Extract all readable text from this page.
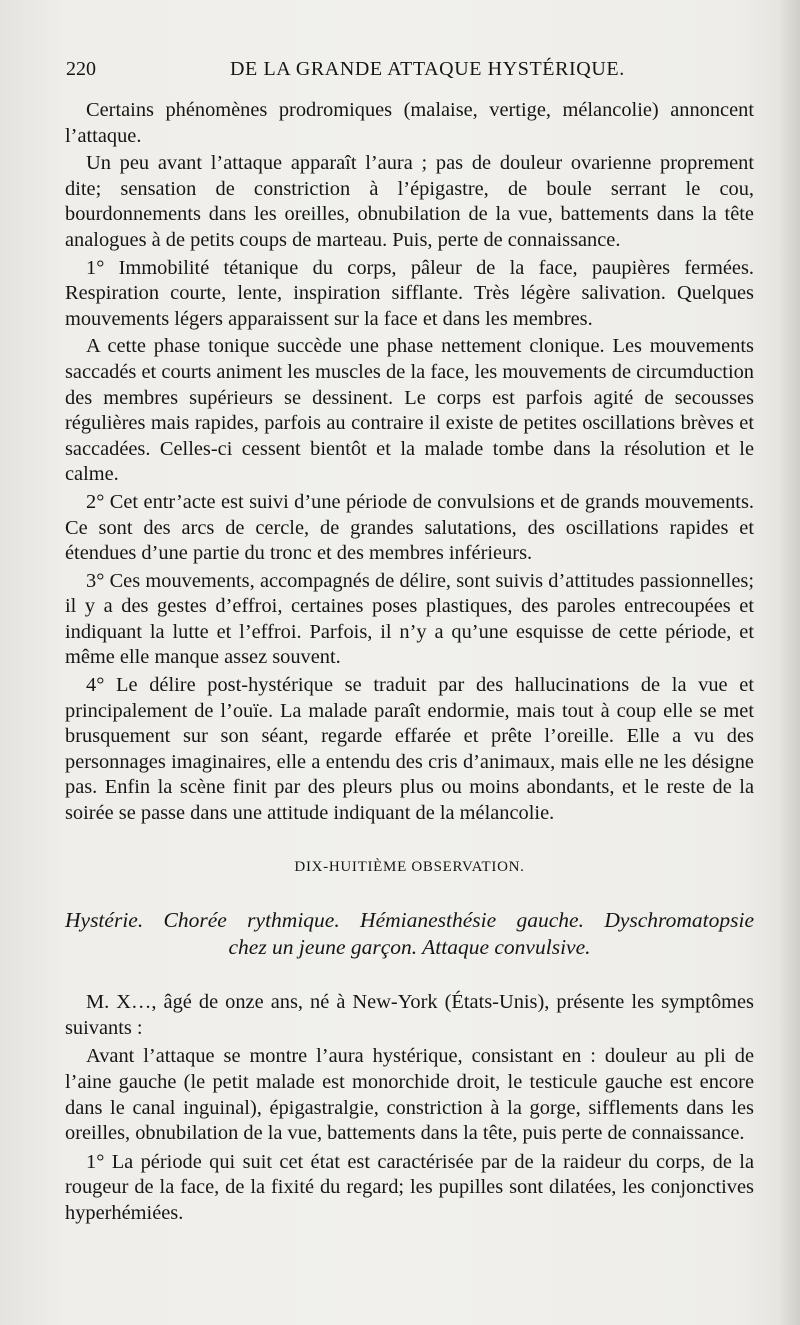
220	DE LA GRANDE ATTAQUE HYSTÉRIQUE.

Certains phénomènes prodromiques (malaise, vertige, mélancolie) annoncent l’attaque.

Un peu avant l’attaque apparaît l’aura ; pas de douleur ovarienne proprement dite; sensation de constriction à l’épigastre, de boule serrant le cou, bourdonnements dans les oreilles, obnubilation de la vue, battements dans la tête analogues à de petits coups de marteau. Puis, perte de connaissance.

1° Immobilité tétanique du corps, pâleur de la face, paupières fermées. Respiration courte, lente, inspiration sifflante. Très légère salivation. Quelques mouvements légers apparaissent sur la face et dans les membres.

A cette phase tonique succède une phase nettement clonique. Les mouvements saccadés et courts animent les muscles de la face, les mouvements de circumduction des membres supérieurs se dessinent. Le corps est parfois agité de secousses régulières mais rapides, parfois au contraire il existe de petites oscillations brèves et saccadées. Celles-ci cessent bientôt et la malade tombe dans la résolution et le calme.

2° Cet entr’acte est suivi d’une période de convulsions et de grands mouvements. Ce sont des arcs de cercle, de grandes salutations, des oscillations rapides et étendues d’une partie du tronc et des membres inférieurs.

3° Ces mouvements, accompagnés de délire, sont suivis d’attitudes passionnelles; il y a des gestes d’effroi, certaines poses plastiques, des paroles entrecoupées et indiquant la lutte et l’effroi. Parfois, il n’y a qu’une esquisse de cette période, et même elle manque assez souvent.

4° Le délire post-hystérique se traduit par des hallucinations de la vue et principalement de l’ouïe. La malade paraît endormie, mais tout à coup elle se met brusquement sur son séant, regarde effarée et prête l’oreille. Elle a vu des personnages imaginaires, elle a entendu des cris d’animaux, mais elle ne les désigne pas. Enfin la scène finit par des pleurs plus ou moins abondants, et le reste de la soirée se passe dans une attitude indiquant de la mélancolie.

DIX-HUITIÈME OBSERVATION.
Hystérie. Chorée rythmique. Hémianesthésie gauche. Dyschromatopsie
chez un jeune garçon. Attaque convulsive.

M. X…, âgé de onze ans, né à New-York (États-Unis), présente les symptômes suivants :

Avant l’attaque se montre l’aura hystérique, consistant en : douleur au pli de l’aine gauche (le petit malade est monorchide droit, le testicule gauche est encore dans le canal inguinal), épigastralgie, constriction à la gorge, sifflements dans les oreilles, obnubilation de la vue, battements dans la tête, puis perte de connaissance.

1° La période qui suit cet état est caractérisée par de la raideur du corps, de la rougeur de la face, de la fixité du regard; les pupilles sont dilatées, les conjonctives hyperhémiées.
